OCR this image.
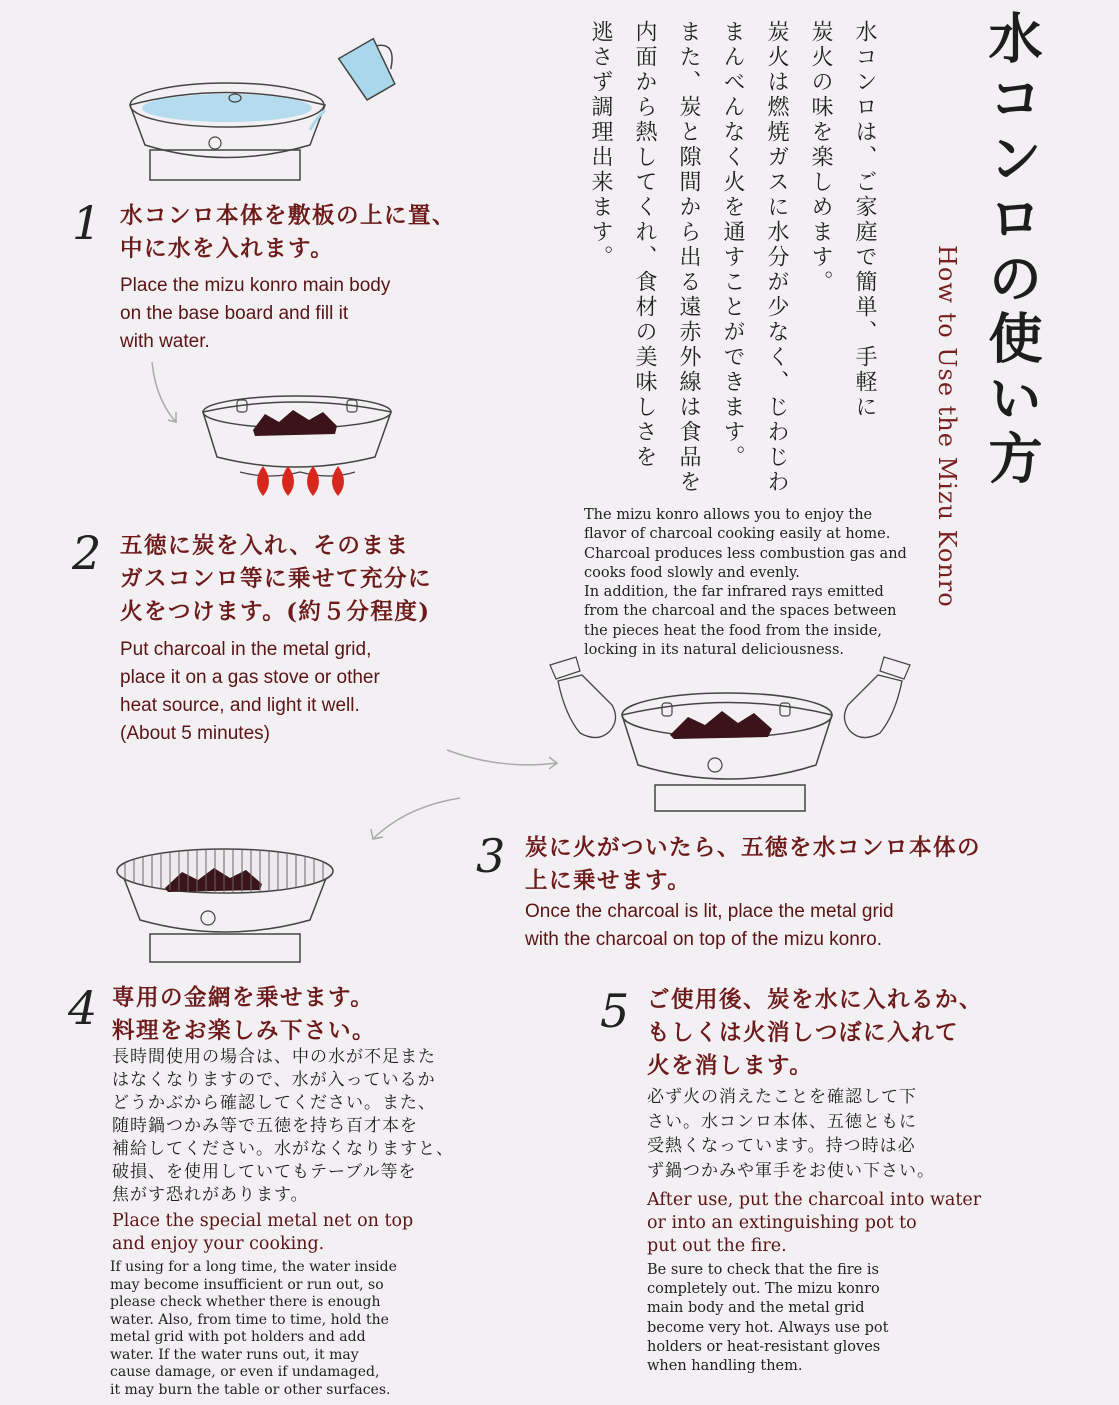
水コンロの使い方
How to Use the Mizu Konro
水コンロは、ご家庭で簡単、手軽に
炭火の味を楽しめます。
炭火は燃焼ガスに水分が少なく、じわじわ
まんべんなく火を通すことができます。
また、炭と隙間から出る遠赤外線は食品を
内面から熱してくれ、食材の美味しさを
逃さず調理出来ます。
The mizu konro allows you to enjoy the
flavor of charcoal cooking easily at home.
Charcoal produces less combustion gas and
cooks food slowly and evenly.
In addition, the far infrared rays emitted
from the charcoal and the spaces between
the pieces heat the food from the inside,
locking in its natural deliciousness.
1 水コンロ本体を敷板の上に置、
中に水を入れます。
Place the mizu konro main body
on the base board and fill it
with water.
2 五徳に炭を入れ、そのまま
ガスコンロ等に乗せて充分に
火をつけます。(約５分程度)
Put charcoal in the metal grid,
place it on a gas stove or other
heat source, and light it well.
(About 5 minutes)
3 炭に火がついたら、五徳を水コンロ本体の
上に乗せます。
Once the charcoal is lit, place the metal grid
with the charcoal on top of the mizu konro.
4 専用の金網を乗せます。
料理をお楽しみ下さい。
長時間使用の場合は、中の水が不足また
はなくなりますので、水が入っているか
どうかぶから確認してください。また、
随時鍋つかみ等で五徳を持ち百才本を
補給してください。水がなくなりますと、
破損、を使用していてもテーブル等を
焦がす恐れがあります。
Place the special metal net on top
and enjoy your cooking.
If using for a long time, the water inside
may become insufficient or run out, so
please check whether there is enough
water. Also, from time to time, hold the
metal grid with pot holders and add
water. If the water runs out, it may
cause damage, or even if undamaged,
it may burn the table or other surfaces.
5 ご使用後、炭を水に入れるか、
もしくは火消しつぼに入れて
火を消します。
必ず火の消えたことを確認して下
さい。水コンロ本体、五徳ともに
受熱くなっています。持つ時は必
ず鍋つかみや軍手をお使い下さい。
After use, put the charcoal into water
or into an extinguishing pot to
put out the fire.
Be sure to check that the fire is
completely out. The mizu konro
main body and the metal grid
become very hot. Always use pot
holders or heat-resistant gloves
when handling them.
